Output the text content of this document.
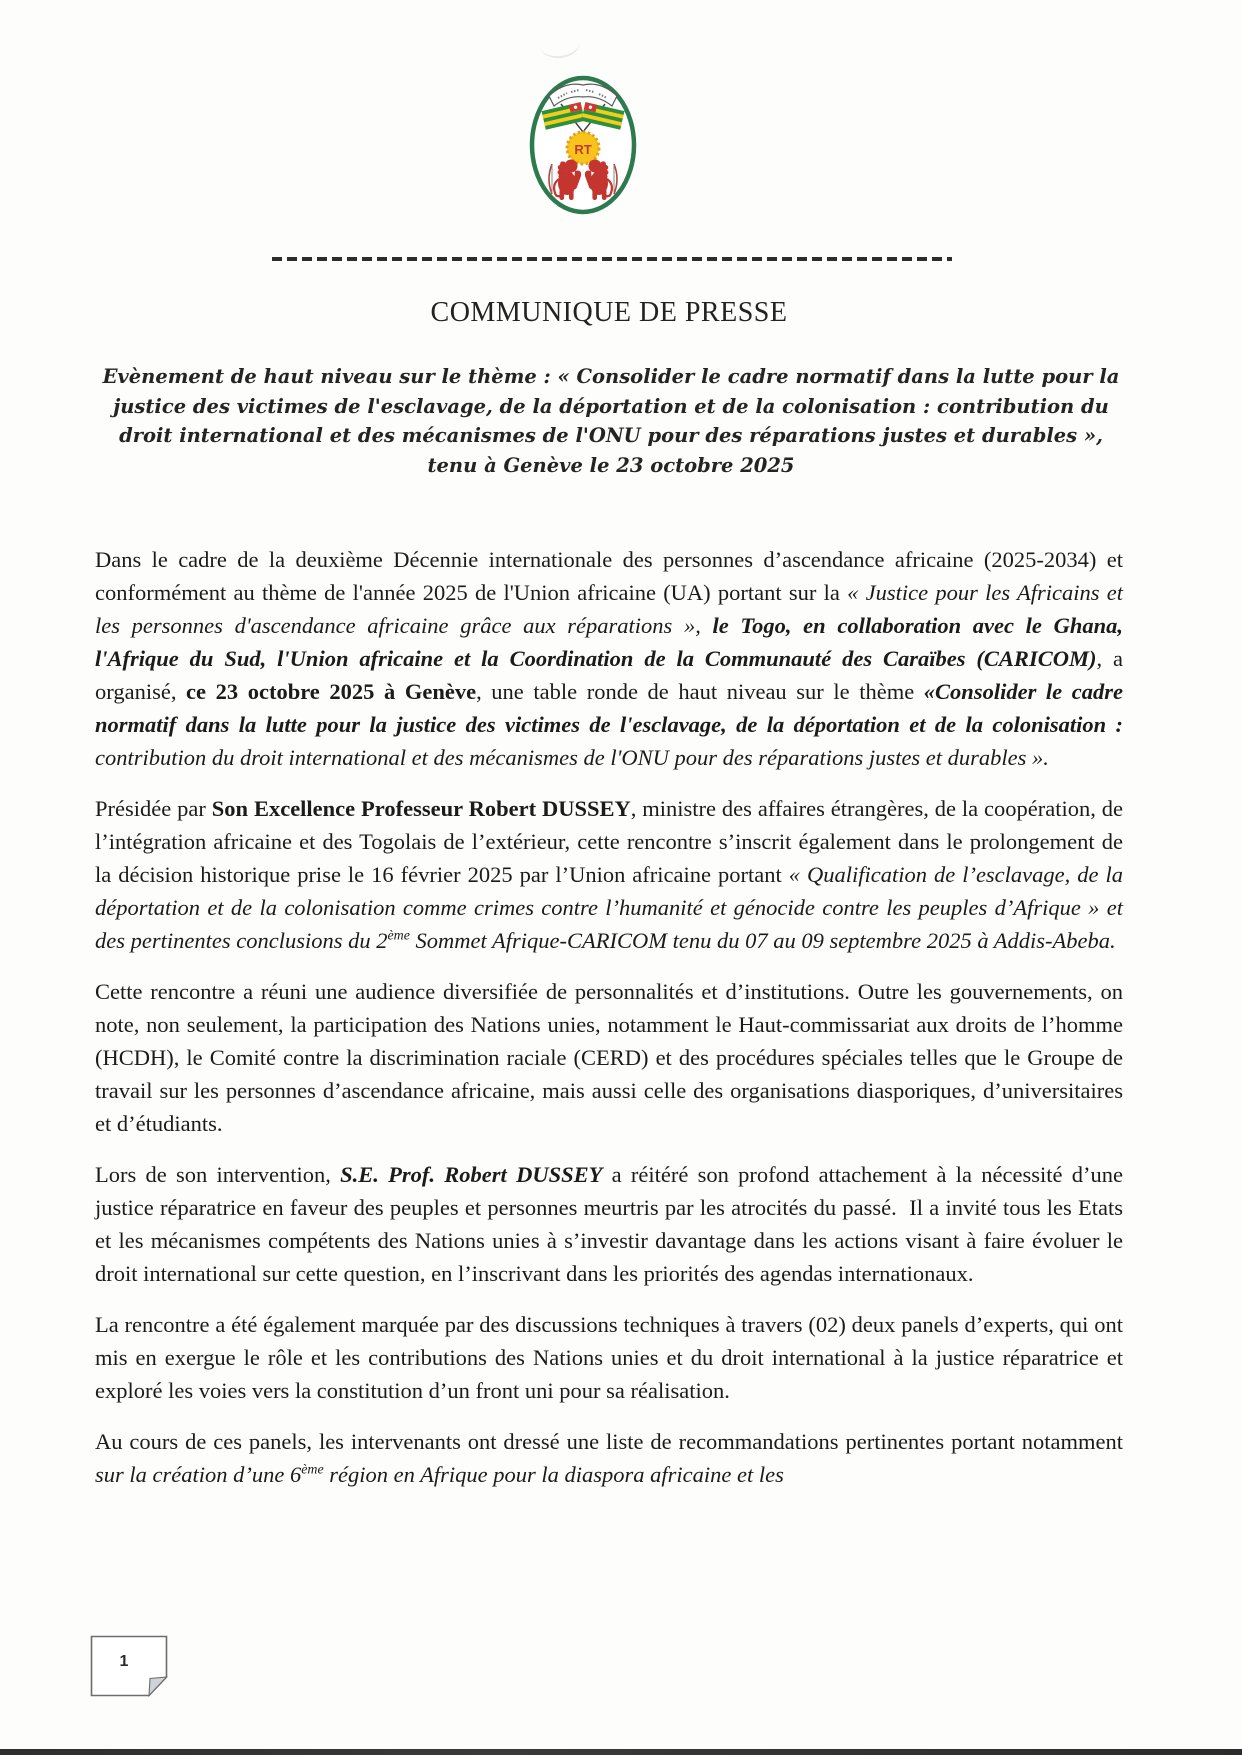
RT
COMMUNIQUE DE PRESSE
Evènement de haut niveau sur le thème : « Consolider le cadre normatif dans la lutte pour la justice des victimes de l'esclavage, de la déportation et de la colonisation : contribution du droit international et des mécanismes de l'ONU pour des réparations justes et durables »,
tenu à Genève le 23 octobre 2025

Dans le cadre de la deuxième Décennie internationale des personnes d’ascendance africaine (2025-2034) et conformément au thème de l'année 2025 de l'Union africaine (UA) portant sur la « Justice pour les Africains et les personnes d'ascendance africaine grâce aux réparations », le Togo, en collaboration avec le Ghana, l'Afrique du Sud, l'Union africaine et la Coordination de la Communauté des Caraïbes (CARICOM), a organisé, ce 23 octobre 2025 à Genève, une table ronde de haut niveau sur le thème «Consolider le cadre normatif dans la lutte pour la justice des victimes de l'esclavage, de la déportation et de la colonisation : contribution du droit international et des mécanismes de l'ONU pour des réparations justes et durables ».

Présidée par Son Excellence Professeur Robert DUSSEY, ministre des affaires étrangères, de la coopération, de l’intégration africaine et des Togolais de l’extérieur, cette rencontre s’inscrit également dans le prolongement de la décision historique prise le 16 février 2025 par l’Union africaine portant « Qualification de l’esclavage, de la déportation et de la colonisation comme crimes contre l’humanité et génocide contre les peuples d’Afrique » et des pertinentes conclusions du 2ème Sommet Afrique-CARICOM tenu du 07 au 09 septembre 2025 à Addis-Abeba.

Cette rencontre a réuni une audience diversifiée de personnalités et d’institutions. Outre les gouvernements, on note, non seulement, la participation des Nations unies, notamment le Haut-commissariat aux droits de l’homme (HCDH), le Comité contre la discrimination raciale (CERD) et des procédures spéciales telles que le Groupe de travail sur les personnes d’ascendance africaine, mais aussi celle des organisations diasporiques, d’universitaires et d’étudiants.

Lors de son intervention, S.E. Prof. Robert DUSSEY a réitéré son profond attachement à la nécessité d’une justice réparatrice en faveur des peuples et personnes meurtris par les atrocités du passé.  Il a invité tous les Etats et les mécanismes compétents des Nations unies à s’investir davantage dans les actions visant à faire évoluer le droit international sur cette question, en l’inscrivant dans les priorités des agendas internationaux.

La rencontre a été également marquée par des discussions techniques à travers (02) deux panels d’experts, qui ont mis en exergue le rôle et les contributions des Nations unies et du droit international à la justice réparatrice et exploré les voies vers la constitution d’un front uni pour sa réalisation.

Au cours de ces panels, les intervenants ont dressé une liste de recommandations pertinentes portant notamment sur la création d’une 6ème région en Afrique pour la diaspora africaine et les

1
